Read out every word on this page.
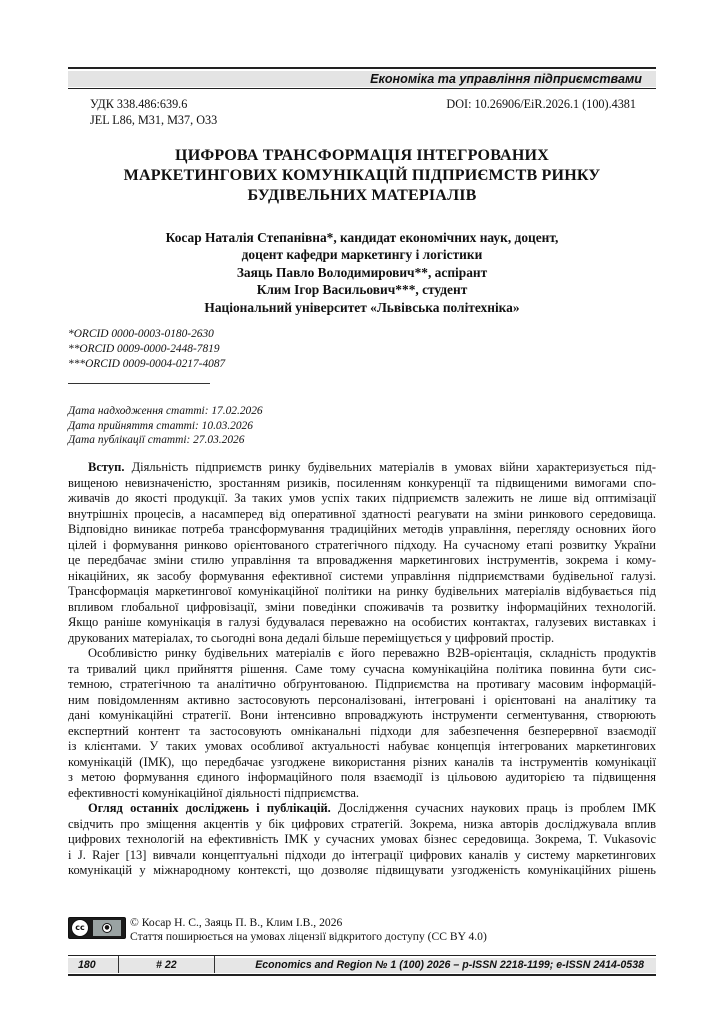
Економіка та управління підприємствами
УДК 338.486:639.6
JEL L86, M31, M37, O33
DOI: 10.26906/EiR.2026.1 (100).4381
ЦИФРОВА ТРАНСФОРМАЦІЯ ІНТЕГРОВАНИХ
МАРКЕТИНГОВИХ КОМУНІКАЦІЙ ПІДПРИЄМСТВ РИНКУ
БУДІВЕЛЬНИХ МАТЕРІАЛІВ
Косар Наталія Степанівна*, кандидат економічних наук, доцент,
доцент кафедри маркетингу і логістики
Заяць Павло Володимирович**, аспірант
Клим Ігор Васильович***, студент
Національний університет «Львівська політехніка»
*ORCID 0000-0003-0180-2630
**ORCID 0009-0000-2448-7819
***ORCID 0009-0004-0217-4087
Дата надходження статті: 17.02.2026
Дата прийняття статті: 10.03.2026
Дата публікації статті: 27.03.2026
Вступ. Діяльність підприємств ринку будівельних матеріалів в умовах війни характеризується під-
вищеною невизначеністю, зростанням ризиків, посиленням конкуренції та підвищеними вимогами спо-
живачів до якості продукції. За таких умов успіх таких підприємств залежить не лише від оптимізації
внутрішніх процесів, а насамперед від оперативної здатності реагувати на зміни ринкового середовища.
Відповідно виникає потреба трансформування традиційних методів управління, перегляду основних його
цілей і формування ринково орієнтованого стратегічного підходу. На сучасному етапі розвитку України
це передбачає зміни стилю управління та впровадження маркетингових інструментів, зокрема і кому-
нікаційних, як засобу формування ефективної системи управління підприємствами будівельної галузі.
Трансформація маркетингової комунікаційної політики на ринку будівельних матеріалів відбувається під
впливом глобальної цифровізації, зміни поведінки споживачів та розвитку інформаційних технологій.
Якщо раніше комунікація в галузі будувалася переважно на особистих контактах, галузевих виставках і
друкованих матеріалах, то сьогодні вона дедалі більше переміщується у цифровий простір.
Особливістю ринку будівельних матеріалів є його переважно B2B-орієнтація, складність продуктів
та тривалий цикл прийняття рішення. Саме тому сучасна комунікаційна політика повинна бути сис-
темною, стратегічною та аналітично обґрунтованою. Підприємства на противагу масовим інформацій-
ним повідомленням активно застосовують персоналізовані, інтегровані і орієнтовані на аналітику та
дані комунікаційні стратегії. Вони інтенсивно впроваджують інструменти сегментування, створюють
експертний контент та застосовують омніканальні підходи для забезпечення безперервної взаємодії
із клієнтами. У таких умовах особливої актуальності набуває концепція інтегрованих маркетингових
комунікацій (ІМК), що передбачає узгоджене використання різних каналів та інструментів комунікації
з метою формування єдиного інформаційного поля взаємодії із цільовою аудиторією та підвищення
ефективності комунікаційної діяльності підприємства.
Огляд останніх досліджень і публікацій. Дослідження сучасних наукових праць із проблем ІМК
свідчить про зміщення акцентів у бік цифрових стратегій. Зокрема, низка авторів досліджувала вплив
цифрових технологій на ефективність ІМК у сучасних умовах бізнес середовища. Зокрема, T. Vukasovic
і J. Rajer [13] вивчали концептуальні підходи до інтеграції цифрових каналів у систему маркетингових
комунікацій у міжнародному контексті, що дозволяє підвищувати узгодженість комунікаційних рішень
cc	● © Косар Н. С., Заяць П. В., Клим І.В., 2026
Стаття поширюється на умовах ліцензії відкритого доступу (CC BY 4.0)
180	# 22	Economics and Region № 1 (100) 2026 – p-ISSN 2218-1199; e-ISSN 2414-0538
